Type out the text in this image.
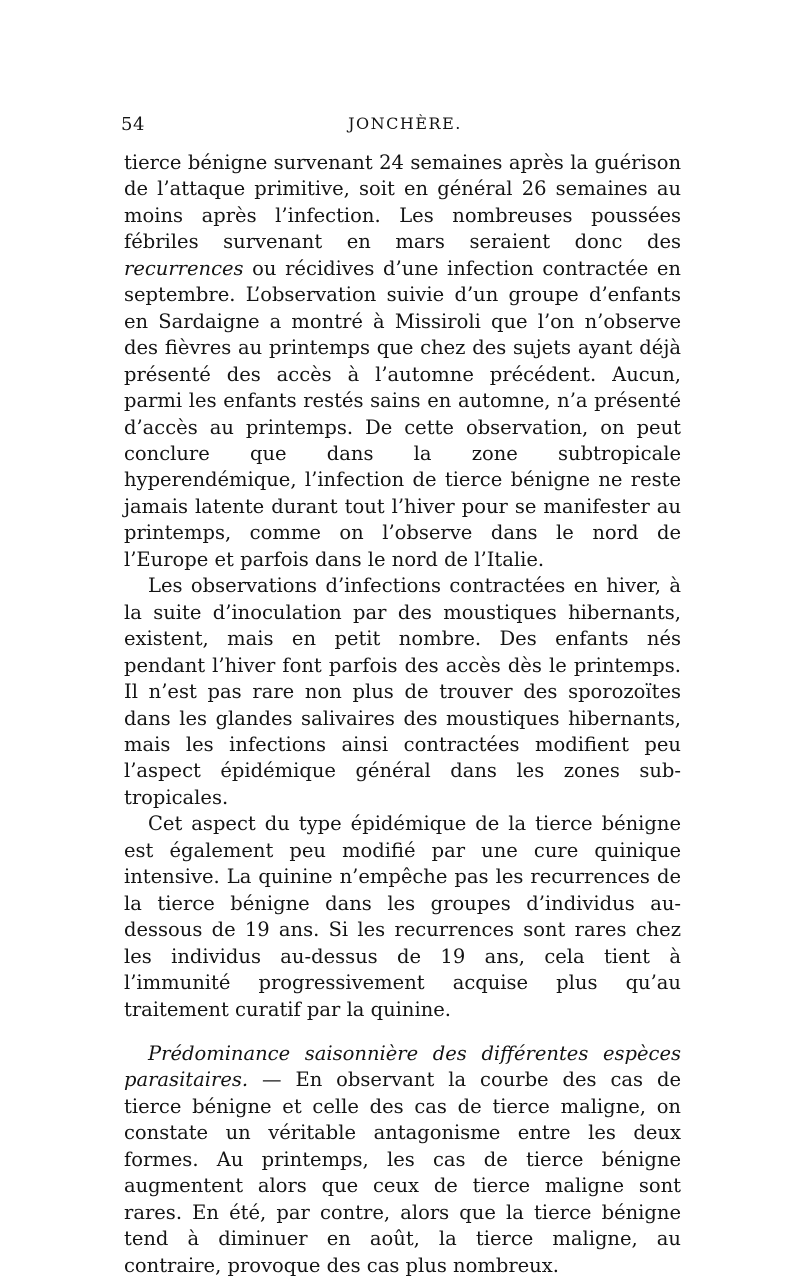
54	JONCHÈRE.

tierce bénigne survenant 24 semaines après la guérison de l’attaque primitive, soit en général 26 semaines au moins après l’infection. Les nombreuses poussées fébriles survenant en mars seraient donc des recurrences ou récidives d’une infection contractée en septembre. L’observation suivie d’un groupe d’enfants en Sardaigne a montré à Missiroli que l’on n’observe des fièvres au printemps que chez des sujets ayant déjà présenté des accès à l’automne précédent. Aucun, parmi les enfants restés sains en automne, n’a présenté d’accès au printemps. De cette observation, on peut conclure que dans la zone subtropicale hyperendémique, l’infection de tierce bénigne ne reste jamais latente durant tout l’hiver pour se manifester au printemps, comme on l’observe dans le nord de l’Europe et parfois dans le nord de l’Italie.

Les observations d’infections contractées en hiver, à la suite d’inoculation par des moustiques hibernants, existent, mais en petit nombre. Des enfants nés pendant l’hiver font parfois des accès dès le printemps. Il n’est pas rare non plus de trouver des sporozoïtes dans les glandes salivaires des moustiques hibernants, mais les infections ainsi contractées modifient peu l’aspect épidémique général dans les zones sub-tropicales.

Cet aspect du type épidémique de la tierce bénigne est également peu modifié par une cure quinique intensive. La quinine n’empêche pas les recurrences de la tierce bénigne dans les groupes d’individus au-dessous de 19 ans. Si les recurrences sont rares chez les individus au-dessus de 19 ans, cela tient à l’immunité progressivement acquise plus qu’au traitement curatif par la quinine.

Prédominance saisonnière des différentes espèces parasitaires. — En observant la courbe des cas de tierce bénigne et celle des cas de tierce maligne, on constate un véritable antagonisme entre les deux formes. Au printemps, les cas de tierce bénigne augmentent alors que ceux de tierce maligne sont rares. En été, par contre, alors que la tierce bénigne tend à diminuer en août, la tierce maligne, au contraire, provoque des cas plus nombreux.
